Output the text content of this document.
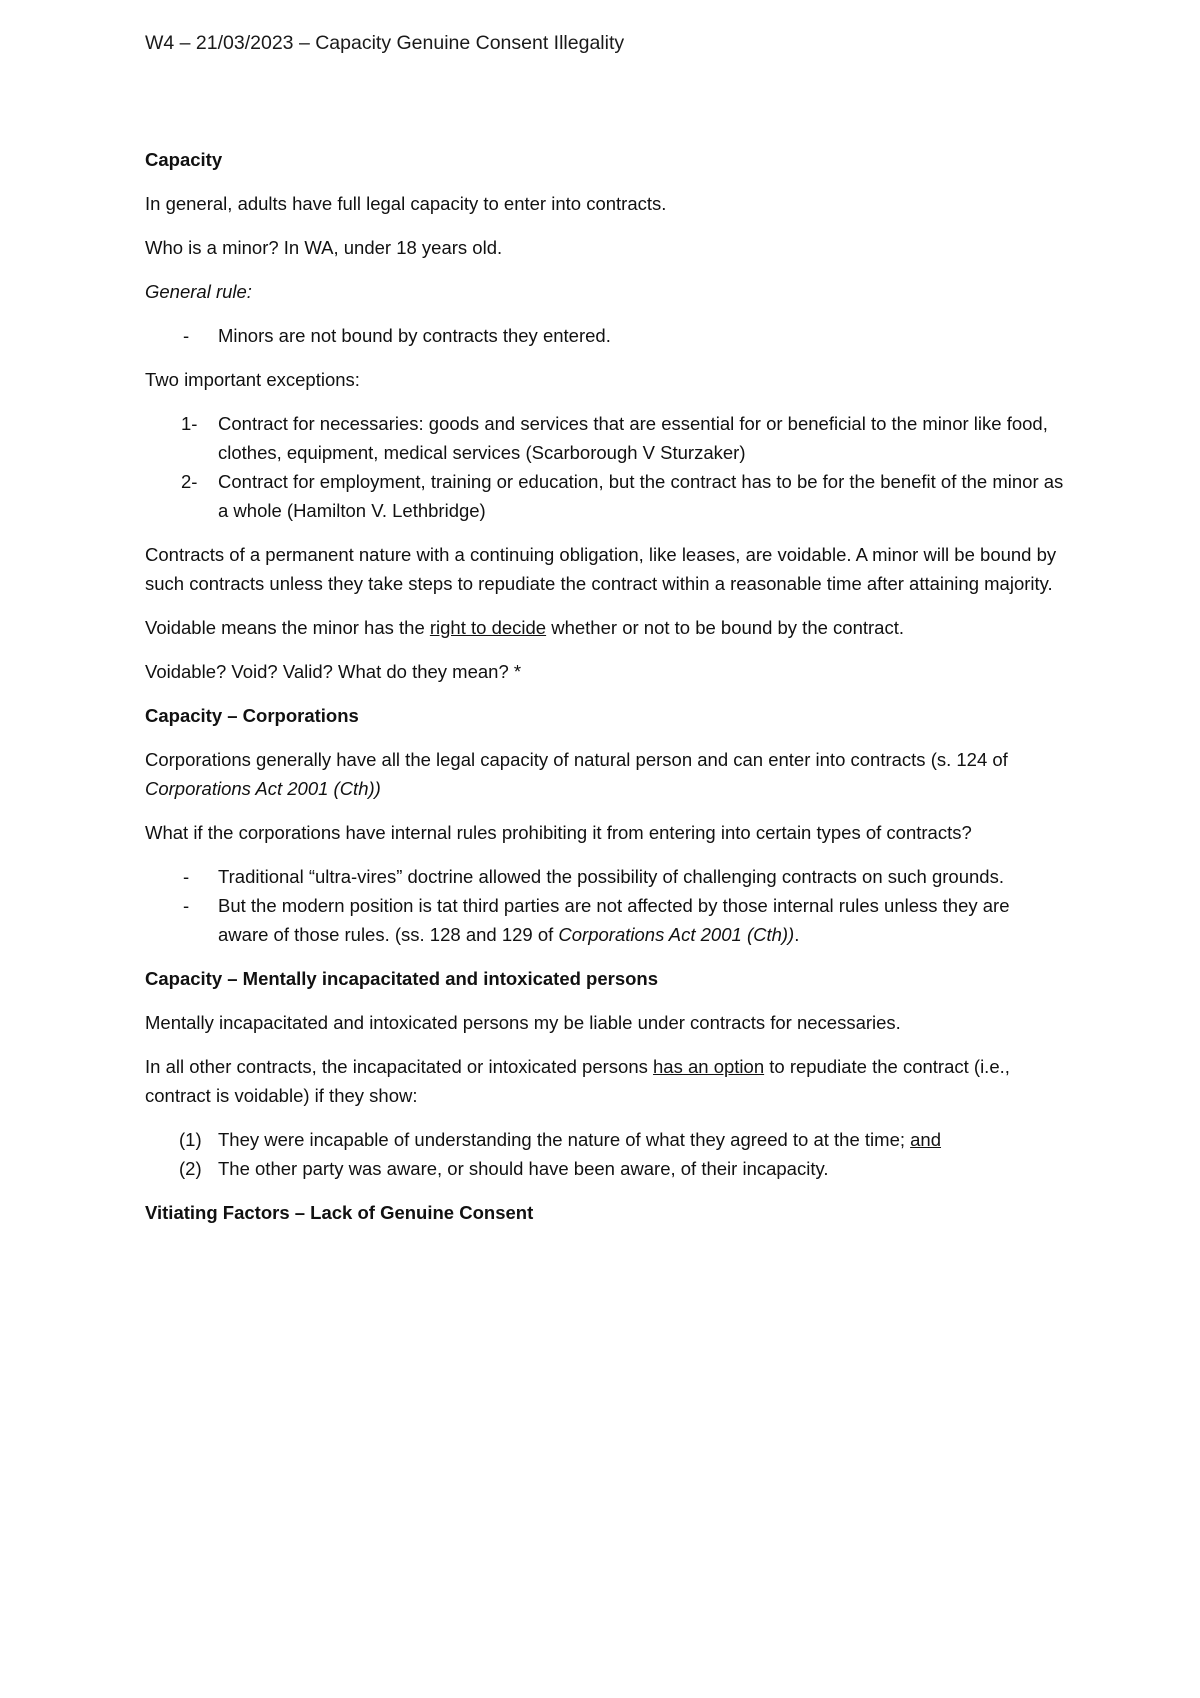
W4 – 21/03/2023 – Capacity Genuine Consent Illegality

Capacity

In general, adults have full legal capacity to enter into contracts.

Who is a minor? In WA, under 18 years old.

General rule:

- Minors are not bound by contracts they entered.

Two important exceptions:

1- Contract for necessaries: goods and services that are essential for or beneficial to the minor like food, clothes, equipment, medical services (Scarborough V Sturzaker)
2- Contract for employment, training or education, but the contract has to be for the benefit of the minor as a whole (Hamilton V. Lethbridge)

Contracts of a permanent nature with a continuing obligation, like leases, are voidable. A minor will be bound by such contracts unless they take steps to repudiate the contract within a reasonable time after attaining majority.

Voidable means the minor has the right to decide whether or not to be bound by the contract.

Voidable? Void? Valid? What do they mean? *

Capacity – Corporations

Corporations generally have all the legal capacity of natural person and can enter into contracts (s. 124 of Corporations Act 2001 (Cth))

What if the corporations have internal rules prohibiting it from entering into certain types of contracts?

- Traditional “ultra-vires” doctrine allowed the possibility of challenging contracts on such grounds.
- But the modern position is tat third parties are not affected by those internal rules unless they are aware of those rules. (ss. 128 and 129 of Corporations Act 2001 (Cth)).

Capacity – Mentally incapacitated and intoxicated persons

Mentally incapacitated and intoxicated persons my be liable under contracts for necessaries.

In all other contracts, the incapacitated or intoxicated persons has an option to repudiate the contract (i.e., contract is voidable) if they show:

(1) They were incapable of understanding the nature of what they agreed to at the time; and
(2) The other party was aware, or should have been aware, of their incapacity.

Vitiating Factors – Lack of Genuine Consent
